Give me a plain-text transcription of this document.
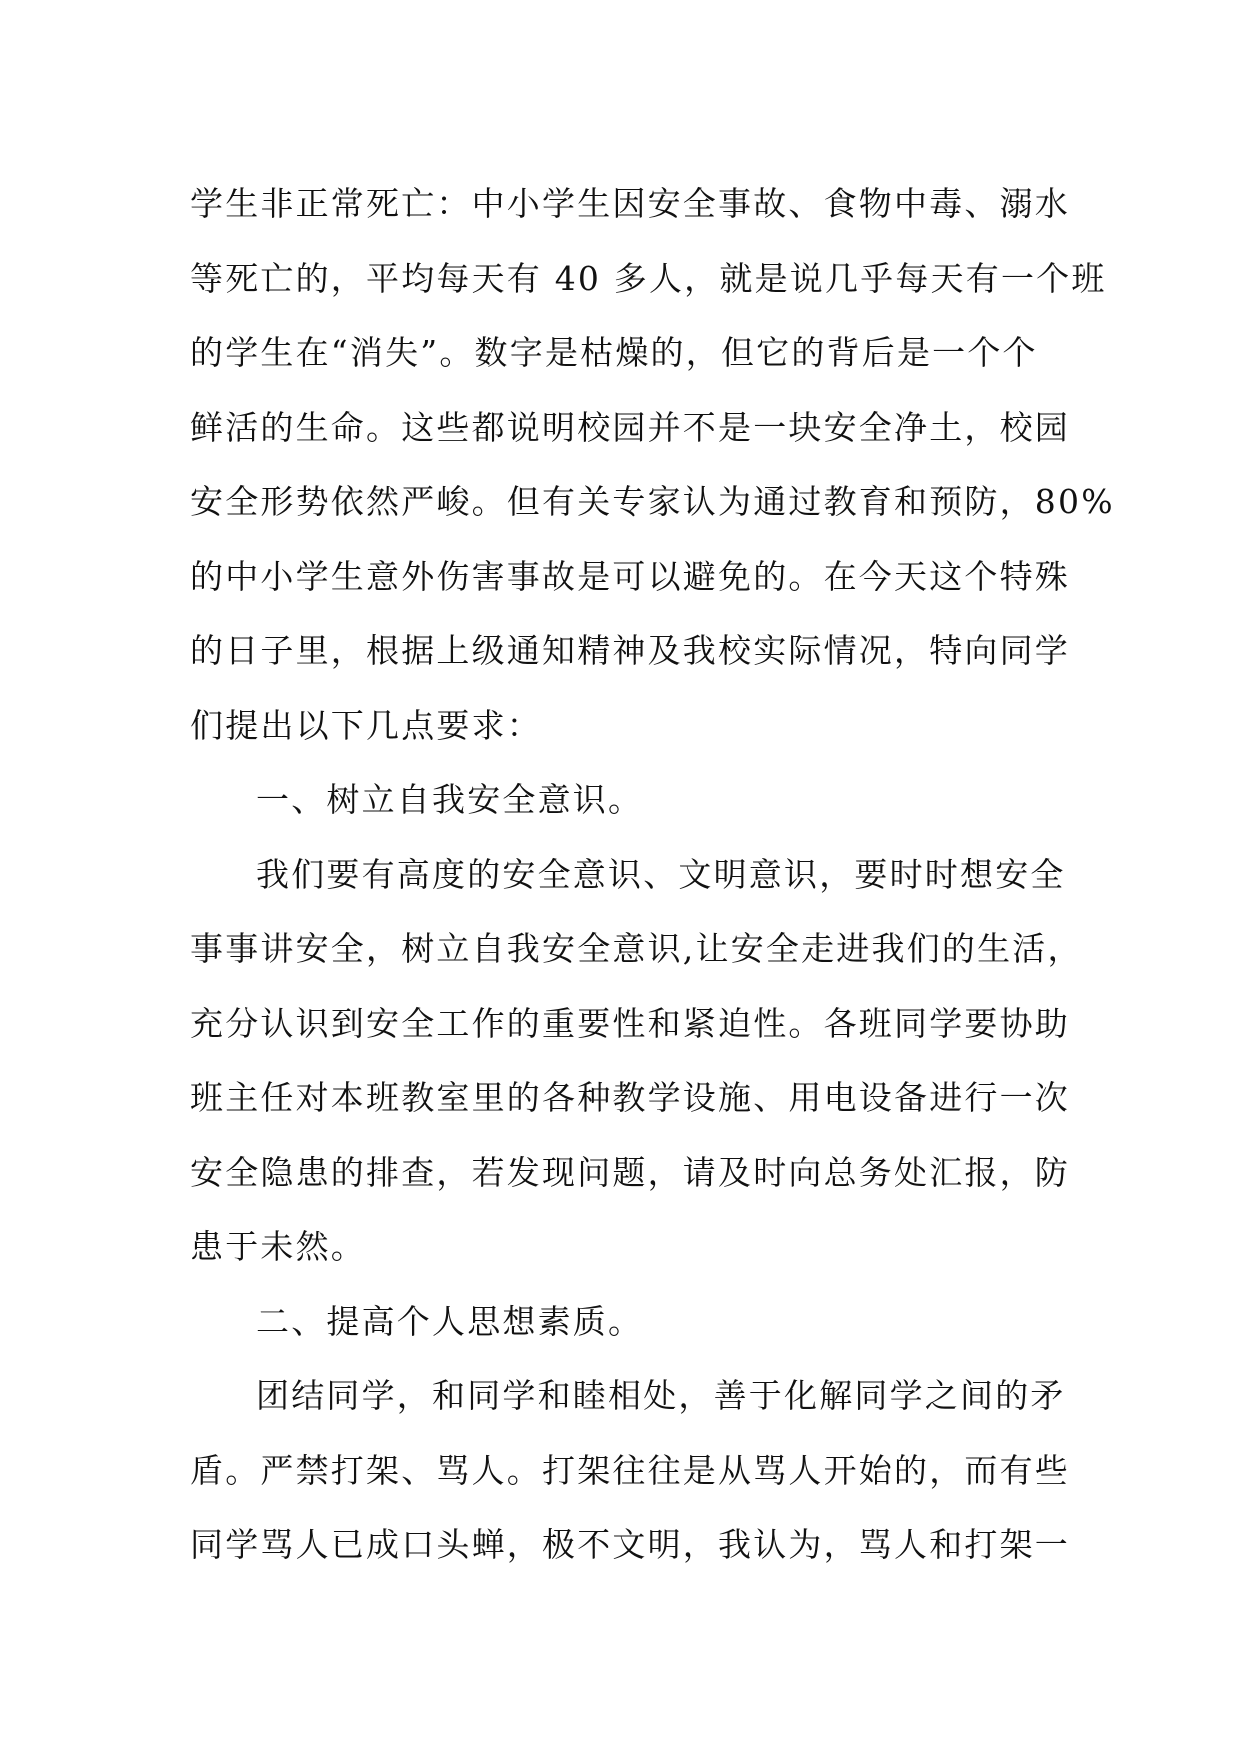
学生非正常死亡：中小学生因安全事故、食物中毒、溺水
等死亡的，平均每天有 40 多人，就是说几乎每天有一个班
的学生在“消失”。数字是枯燥的，但它的背后是一个个
鲜活的生命。这些都说明校园并不是一块安全净土，校园
安全形势依然严峻。但有关专家认为通过教育和预防，80%
的中小学生意外伤害事故是可以避免的。在今天这个特殊
的日子里，根据上级通知精神及我校实际情况，特向同学
们提出以下几点要求：
一、树立自我安全意识。
我们要有高度的安全意识、文明意识，要时时想安全
事事讲安全，树立自我安全意识,让安全走进我们的生活，
充分认识到安全工作的重要性和紧迫性。各班同学要协助
班主任对本班教室里的各种教学设施、用电设备进行一次
安全隐患的排查，若发现问题，请及时向总务处汇报，防
患于未然。
二、提高个人思想素质。
团结同学，和同学和睦相处，善于化解同学之间的矛
盾。严禁打架、骂人。打架往往是从骂人开始的，而有些
同学骂人已成口头蝉，极不文明，我认为，骂人和打架一
